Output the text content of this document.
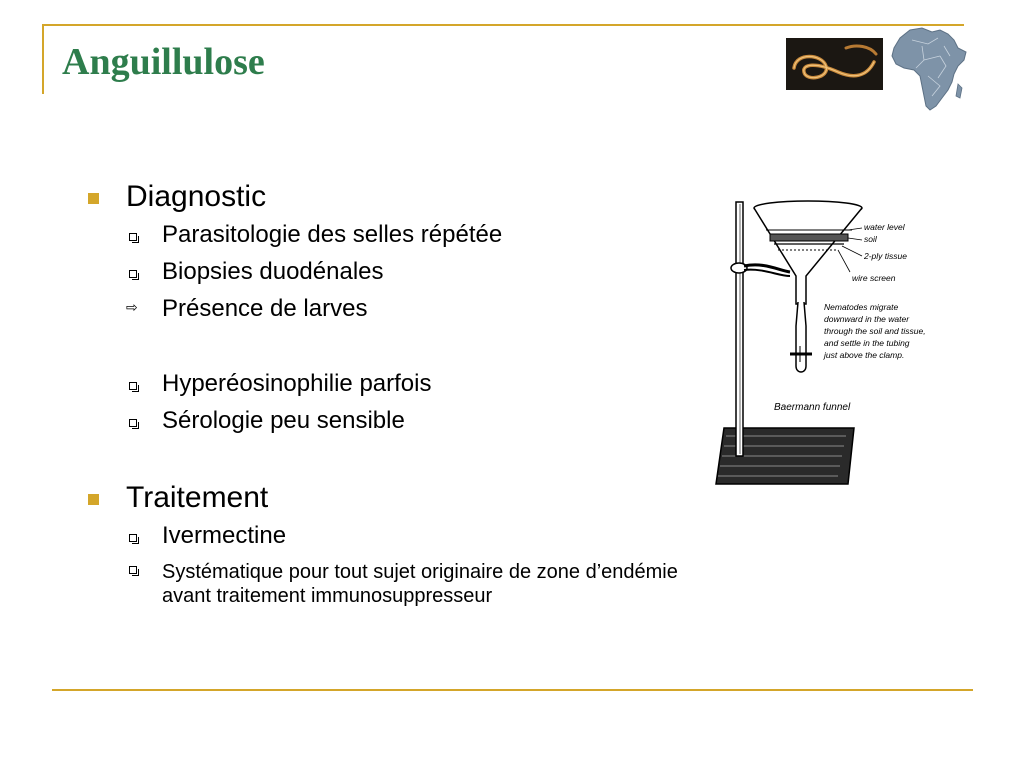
Anguillulose
Diagnostic
Parasitologie des selles répétée
Biopsies duodénales
⇨ Présence de larves
Hyperéosinophilie parfois
Sérologie peu sensible
Traitement
Ivermectine
Systématique pour tout sujet originaire de zone d’endémie
avant traitement immunosuppresseur
water level
soil
2-ply tissue
wire screen
Nematodes migrate
downward in the water
through the soil and tissue,
and settle in the tubing
just above the clamp.
Baermann funnel
